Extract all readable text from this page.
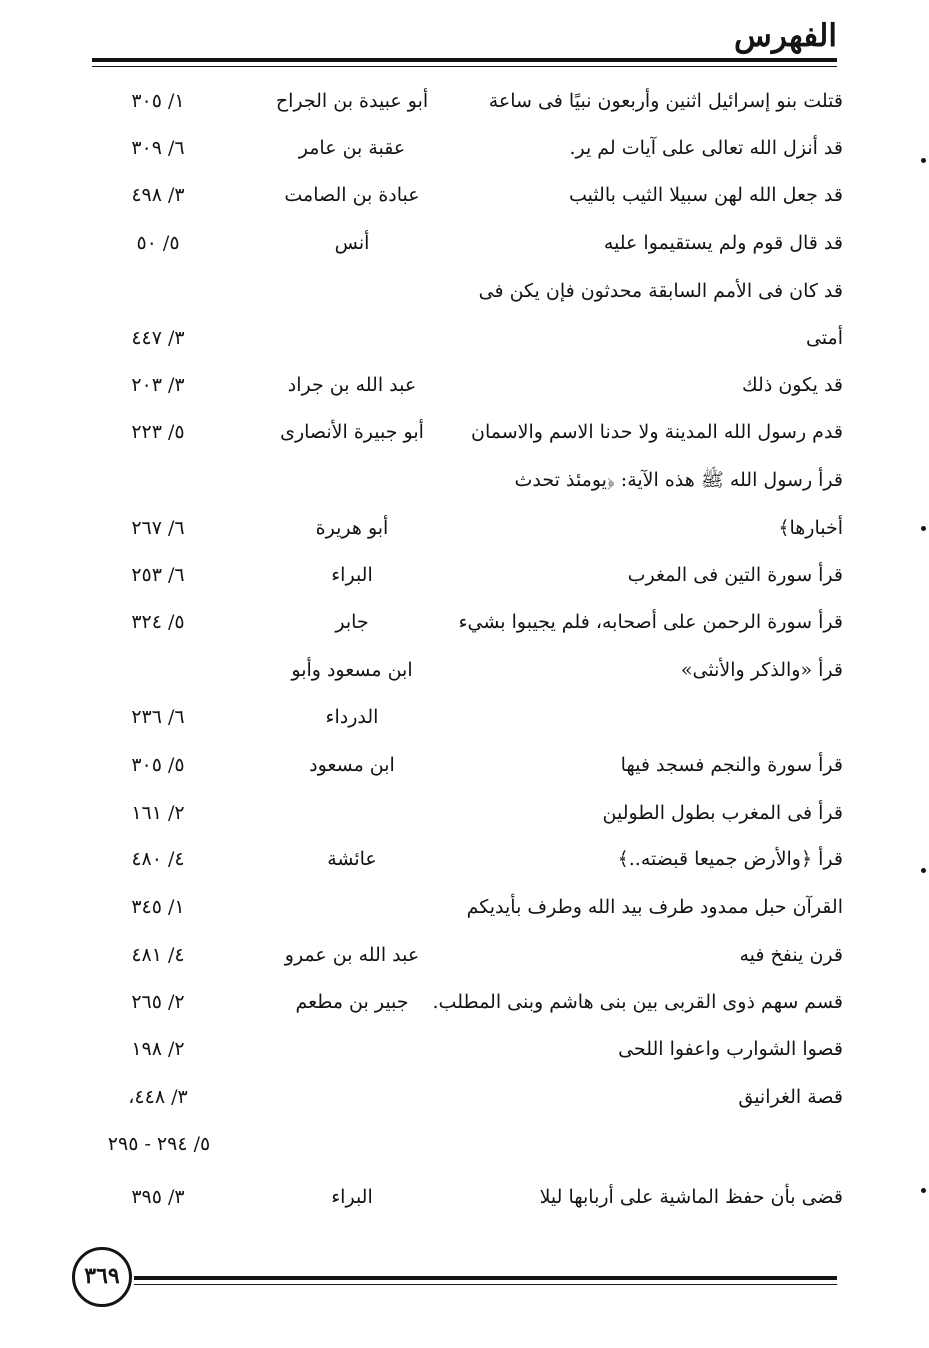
الفهرس
قتلت بنو إسرائيل اثنين وأربعون نبيًا فى ساعة
أبو عبيدة بن الجراح
١/ ٣٠٥
قد أنزل الله تعالى على آيات لم ير.
عقبة بن عامر
٦/ ٣٠٩
قد جعل الله لهن سبيلا الثيب بالثيب
عبادة بن الصامت
٣/ ٤٩٨
قد قال قوم ولم يستقيموا عليه
أنس
٥/ ٥٠
قد كان فى الأمم السابقة محدثون فإن يكن فى
أمتى
٣/ ٤٤٧
قد يكون ذلك
عبد الله بن جراد
٣/ ٢٠٣
قدم رسول الله المدينة ولا حدنا الاسم والاسمان
أبو جبيرة الأنصارى
٥/ ٢٢٣
قرأ رسول الله ﷺ هذه الآية: ﴿يومئذ تحدث
أخبارها﴾
أبو هريرة
٦/ ٢٦٧
قرأ سورة التين فى المغرب
البراء
٦/ ٢٥٣
قرأ سورة الرحمن على أصحابه، فلم يجيبوا بشيء
جابر
٥/ ٣٢٤
قرأ «والذكر والأنثى»
ابن مسعود وأبو
الدرداء
٦/ ٢٣٦
قرأ سورة والنجم فسجد فيها
ابن مسعود
٥/ ٣٠٥
قرأ فى المغرب بطول الطولين
٢/ ١٦١
قرأ ﴿والأرض جميعا قبضته..﴾
عائشة
٤/ ٤٨٠
القرآن حبل ممدود طرف بيد الله وطرف بأيديكم
١/ ٣٤٥
قرن ينفخ فيه
عبد الله بن عمرو
٤/ ٤٨١
قسم سهم ذوى القربى بين بنى هاشم وبنى المطلب.
جبير بن مطعم
٢/ ٢٦٥
قصوا الشوارب واعفوا اللحى
٢/ ١٩٨
قصة الغرانيق
٣/ ٤٤٨،
٥/ ٢٩٤ - ٢٩٥
قضى بأن حفظ الماشية على أربابها ليلا
البراء
٣/ ٣٩٥
٣٦٩
